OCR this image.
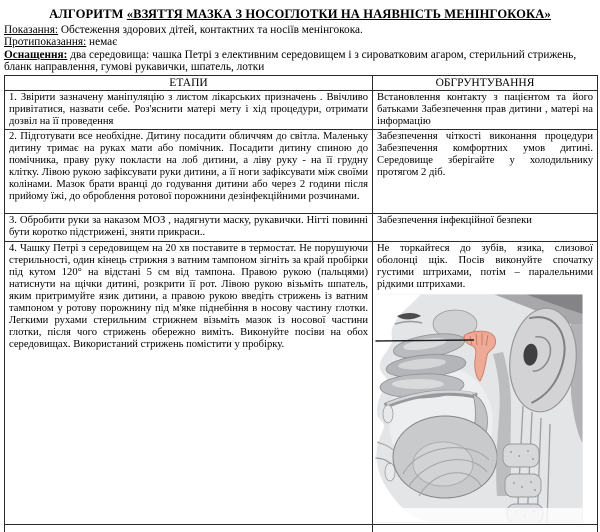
АЛГОРИТМ «ВЗЯТТЯ МАЗКА З НОСОГЛОТКИ НА НАЯВНІСТЬ МЕНІНГОКОКА»

Показання: Обстеження здорових дітей, контактних та носіїв менінгокока.

Протипоказання: немає

Оснащення: два середовища: чашка Петрі з елективним середовищем і з сироватковим агаром, стерильний стрижень, бланк направлення, гумові рукавички, шпатель, лотки

ЕТАПИ	ОБГРУНТУВАННЯ
1. Звірити зазначену маніпуляцію з листом лікарських призначень . Ввічливо привітатися, назвати себе. Роз'яснити матері мету і хід процедури, отримати дозвіл на її проведення	Встановлення контакту з пацієнтом та його батьками Забезпечення прав дитини , матері на інформацію
2. Підготувати все необхідне. Дитину посадити обличчям до світла. Маленьку дитину тримає на руках мати або помічник. Посадити дитину спиною до помічника, праву руку покласти на лоб дитини, а ліву руку - на її грудну клітку. Лівою рукою зафіксувати руки дитини, а її ноги зафіксувати між своїми колінами. Мазок брати вранці до годування дитини або через 2 години після прийому їжі, до оброблення ротової порожнини дезінфекційними розчинами.	Забезпечення чіткості виконання процедури Забезпечення комфортних умов дитині. Середовище зберігайте у холодильнику протягом 2 діб.
3. Обробити руки за наказом МОЗ , надягнути маску, рукавички. Нігті повинні бути коротко підстрижені, зняти прикраси..	Забезпечення інфекційної безпеки
4. Чашку Петрі з середовищем на 20 хв поставите в термостат. Не порушуючи стерильності, один кінець стрижня з ватним тампоном зігніть за край пробірки під кутом 120° на відстані 5 см від тампона. Правою рукою (пальцями) натиснути на щічки дитині, розкрити її рот. Лівою рукою візьміть шпатель, яким притримуйте язик дитини, а правою рукою введіть стрижень із ватним тампоном у ротову порожнину під м'яке піднебіння в носову частину глотки. Легкими рухами стерильним стрижнем візьміть мазок із носової частини глотки, після чого стрижень обережно виміть. Виконуйте посіви на обох середовищах. Використаний стрижень помістити у пробірку.	Не торкайтеся до зубів, язика, слизової оболонці щік. Посів виконуйте спочатку густими штрихами, потім – паралельними рідкими штрихами.
